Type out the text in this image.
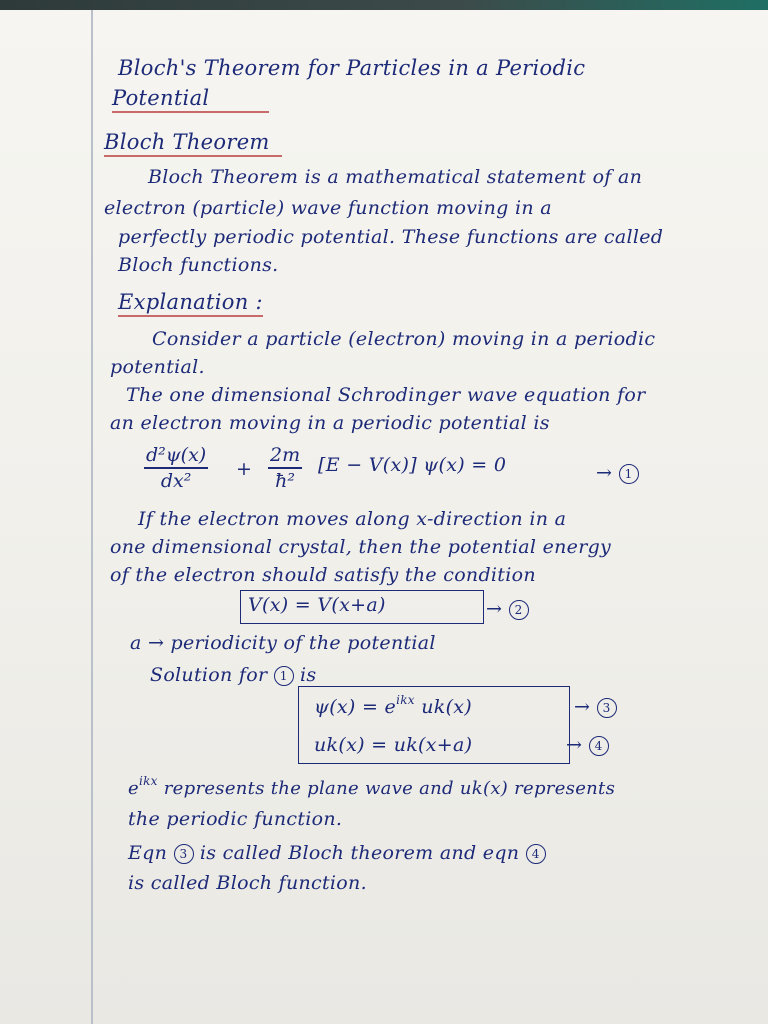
Bloch's Theorem for Particles in a Periodic
Potential
Bloch Theorem
Bloch Theorem is a mathematical statement of an
electron (particle) wave function moving in a
perfectly periodic potential. These functions are called
Bloch functions.
Explanation :
Consider a particle (electron) moving in a periodic
potential.
The one dimensional Schrodinger wave equation for
an electron moving in a periodic potential is
d²ψ(x)
dx²
+
2m
ħ²
[E − V(x)] ψ(x) = 0	→ 1
If the electron moves along x-direction in a
one dimensional crystal, then the potential energy
of the electron should satisfy the condition
V(x) = V(x+a)	→ 2
a → periodicity of the potential
Solution for 1 is
$\psi(x) = e^{ikx}$ uk(x)	→ 3
uk(x) = uk(x+a)	→ 4
$e^{ikx}$ represents the plane wave and uk(x) represents
the periodic function.
Eqn 3 is called Bloch theorem and eqn 4
is called Bloch function.
